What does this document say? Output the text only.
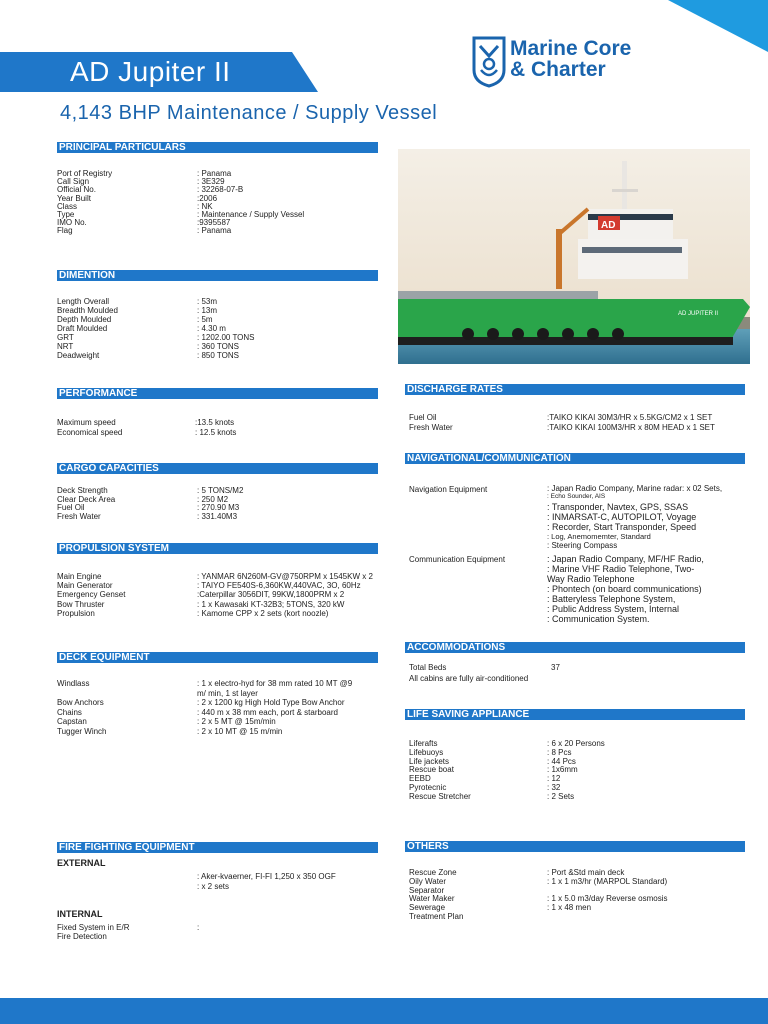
AD Jupiter II
4,143 BHP Maintenance / Supply Vessel
Marine Core
& Charter
PRINCIPAL PARTICULARS
Port of Registry	: Panama
Call Sign	: 3E329
Official No.	: 32268-07-B
Year Built	:2006
Class	: NK
Type	: Maintenance / Supply Vessel
IMO No.	:9395587
Flag	: Panama
DIMENTION
Length Overall	: 53m
Breadth Moulded	: 13m
Depth Moulded	: 5m
Draft Moulded	: 4.30 m
GRT	: 1202.00 TONS
NRT	: 360 TONS
Deadweight	: 850 TONS
PERFORMANCE
Maximum speed	:13.5 knots
Economical speed	: 12.5 knots
CARGO CAPACITIES
Deck Strength	: 5 TONS/M2
Clear Deck Area	: 250 M2
Fuel Oil	: 270.90 M3
Fresh Water	: 331.40M3
PROPULSION SYSTEM
Main Engine	: YANMAR 6N260M-GV@750RPM x 1545KW x 2
Main Generator	: TAIYO FE540S-6,360KW,440VAC, 3O, 60Hz
Emergency Genset	:Caterpillar 3056DIT, 99KW,1800PRM x 2
Bow Thruster	: 1 x Kawasaki KT-32B3; 5TONS, 320 kW
Propulsion	: Kamome CPP x 2 sets (kort noozle)
DECK EQUIPMENT
Windlass	: 1 x electro-hyd for 38 mm rated 10 MT @9
m/ min, 1 st layer
Bow Anchors	: 2 x 1200 kg High Hold Type Bow Anchor
Chains	: 440 m x 38 mm each, port & starboard
Capstan	: 2 x 5 MT @ 15m/min
Tugger Winch	: 2 x 10 MT @ 15 m/min
FIRE FIGHTING EQUIPMENT
EXTERNAL
: Aker-kvaerner, FI-FI 1,250 x 350 OGF
: x 2 sets
INTERNAL
Fixed System in E/R	:
Fire Detection
AD
AD JUPITER II
DISCHARGE RATES
Fuel Oil	:TAIKO KIKAI 30M3/HR x 5.5KG/CM2 x 1 SET
Fresh Water	:TAIKO KIKAI 100M3/HR x 80M HEAD x 1 SET
NAVIGATIONAL/COMMUNICATION
Navigation Equipment	: Japan Radio Company, Marine radar: x 02 Sets,
: Echo Sounder, AIS
: Transponder, Navtex, GPS, SSAS
: INMARSAT-C, AUTOPILOT, Voyage
: Recorder, Start Transponder, Speed
: Log, Anemomemter, Standard
: Steering Compass
Communication Equipment	: Japan Radio Company, MF/HF Radio,
: Marine VHF Radio Telephone, Two-
Way Radio Telephone
: Phontech (on board communications)
: Batteryless Telephone System,
: Public Address System, Internal
: Communication System.
ACCOMMODATIONS
Total Beds	37
All cabins are fully air-conditioned
LIFE SAVING APPLIANCE
Liferafts	: 6 x 20 Persons
Lifebuoys	: 8 Pcs
Life jackets	: 44 Pcs
Rescue boat	: 1x6mm
EEBD	: 12
Pyrotecnic	: 32
Rescue Stretcher	: 2 Sets
OTHERS
Rescue Zone	: Port &Std main deck
Oily Water	: 1 x 1 m3/hr (MARPOL Standard)
Separator
Water Maker	: 1 x 5.0 m3/day Reverse osmosis
Sewerage	: 1 x 48 men
Treatment Plan
